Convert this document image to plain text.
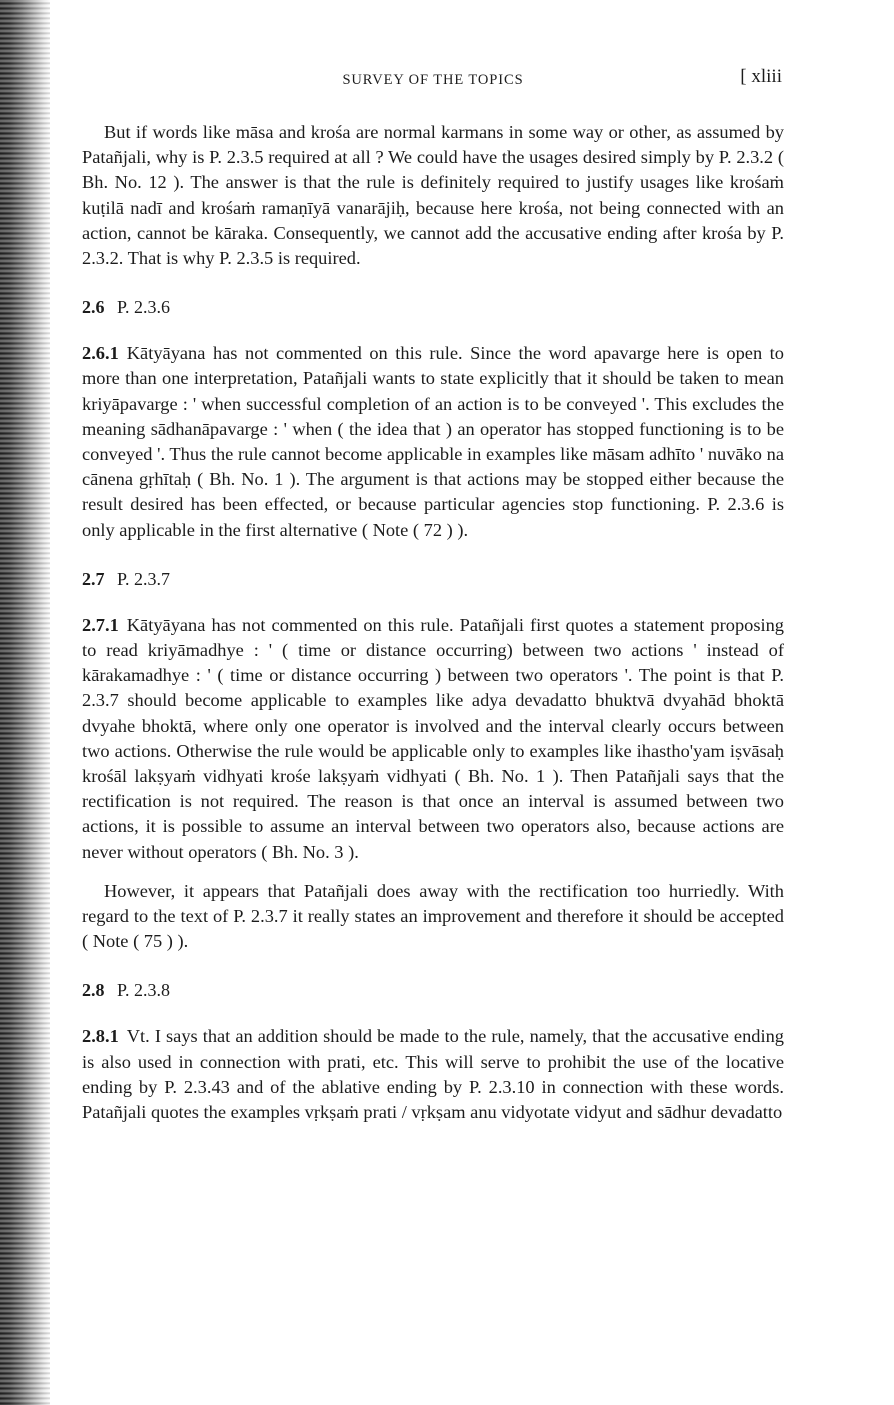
SURVEY OF THE TOPICS	[ xliii

But if words like māsa and krośa are normal karmans in some way or other, as assumed by Patañjali, why is P. 2.3.5 required at all ? We could have the usages desired simply by P. 2.3.2 ( Bh. No. 12 ). The answer is that the rule is definitely required to justify usages like krośaṁ kuṭilā nadī and krośaṁ ramaṇīyā vanarājiḥ, because here krośa, not being connected with an action, cannot be kāraka. Consequently, we cannot add the accusative ending after krośa by P. 2.3.2. That is why P. 2.3.5 is required.

2.6 P. 2.3.6

2.6.1 Kātyāyana has not commented on this rule. Since the word apavarge here is open to more than one interpretation, Patañjali wants to state explicitly that it should be taken to mean kriyāpavarge : ' when successful completion of an action is to be conveyed '. This excludes the meaning sādhanāpavarge : ' when ( the idea that ) an operator has stopped functioning is to be conveyed '. Thus the rule cannot become applicable in examples like māsam adhīto ' nuvāko na cānena gṛhītaḥ ( Bh. No. 1 ). The argument is that actions may be stopped either because the result desired has been effected, or because particular agencies stop functioning. P. 2.3.6 is only applicable in the first alternative ( Note ( 72 ) ).

2.7 P. 2.3.7

2.7.1 Kātyāyana has not commented on this rule. Patañjali first quotes a statement proposing to read kriyāmadhye : ' ( time or distance occurring) between two actions ' instead of kārakamadhye : ' ( time or distance occurring ) between two operators '. The point is that P. 2.3.7 should become applicable to examples like adya devadatto bhuktvā dvyahād bhoktā dvyahe bhoktā, where only one operator is involved and the interval clearly occurs between two actions. Otherwise the rule would be applicable only to examples like ihastho'yam iṣvāsaḥ krośāl lakṣyaṁ vidhyati krośe lakṣyaṁ vidhyati ( Bh. No. 1 ). Then Patañjali says that the rectification is not required. The reason is that once an interval is assumed between two actions, it is possible to assume an interval between two operators also, because actions are never without operators ( Bh. No. 3 ).

However, it appears that Patañjali does away with the rectification too hurriedly. With regard to the text of P. 2.3.7 it really states an improvement and therefore it should be accepted ( Note ( 75 ) ).

2.8 P. 2.3.8

2.8.1 Vt. I says that an addition should be made to the rule, namely, that the accusative ending is also used in connection with prati, etc. This will serve to prohibit the use of the locative ending by P. 2.3.43 and of the ablative ending by P. 2.3.10 in connection with these words. Patañjali quotes the examples vṛkṣaṁ prati / vṛkṣam anu vidyotate vidyut and sādhur devadatto
